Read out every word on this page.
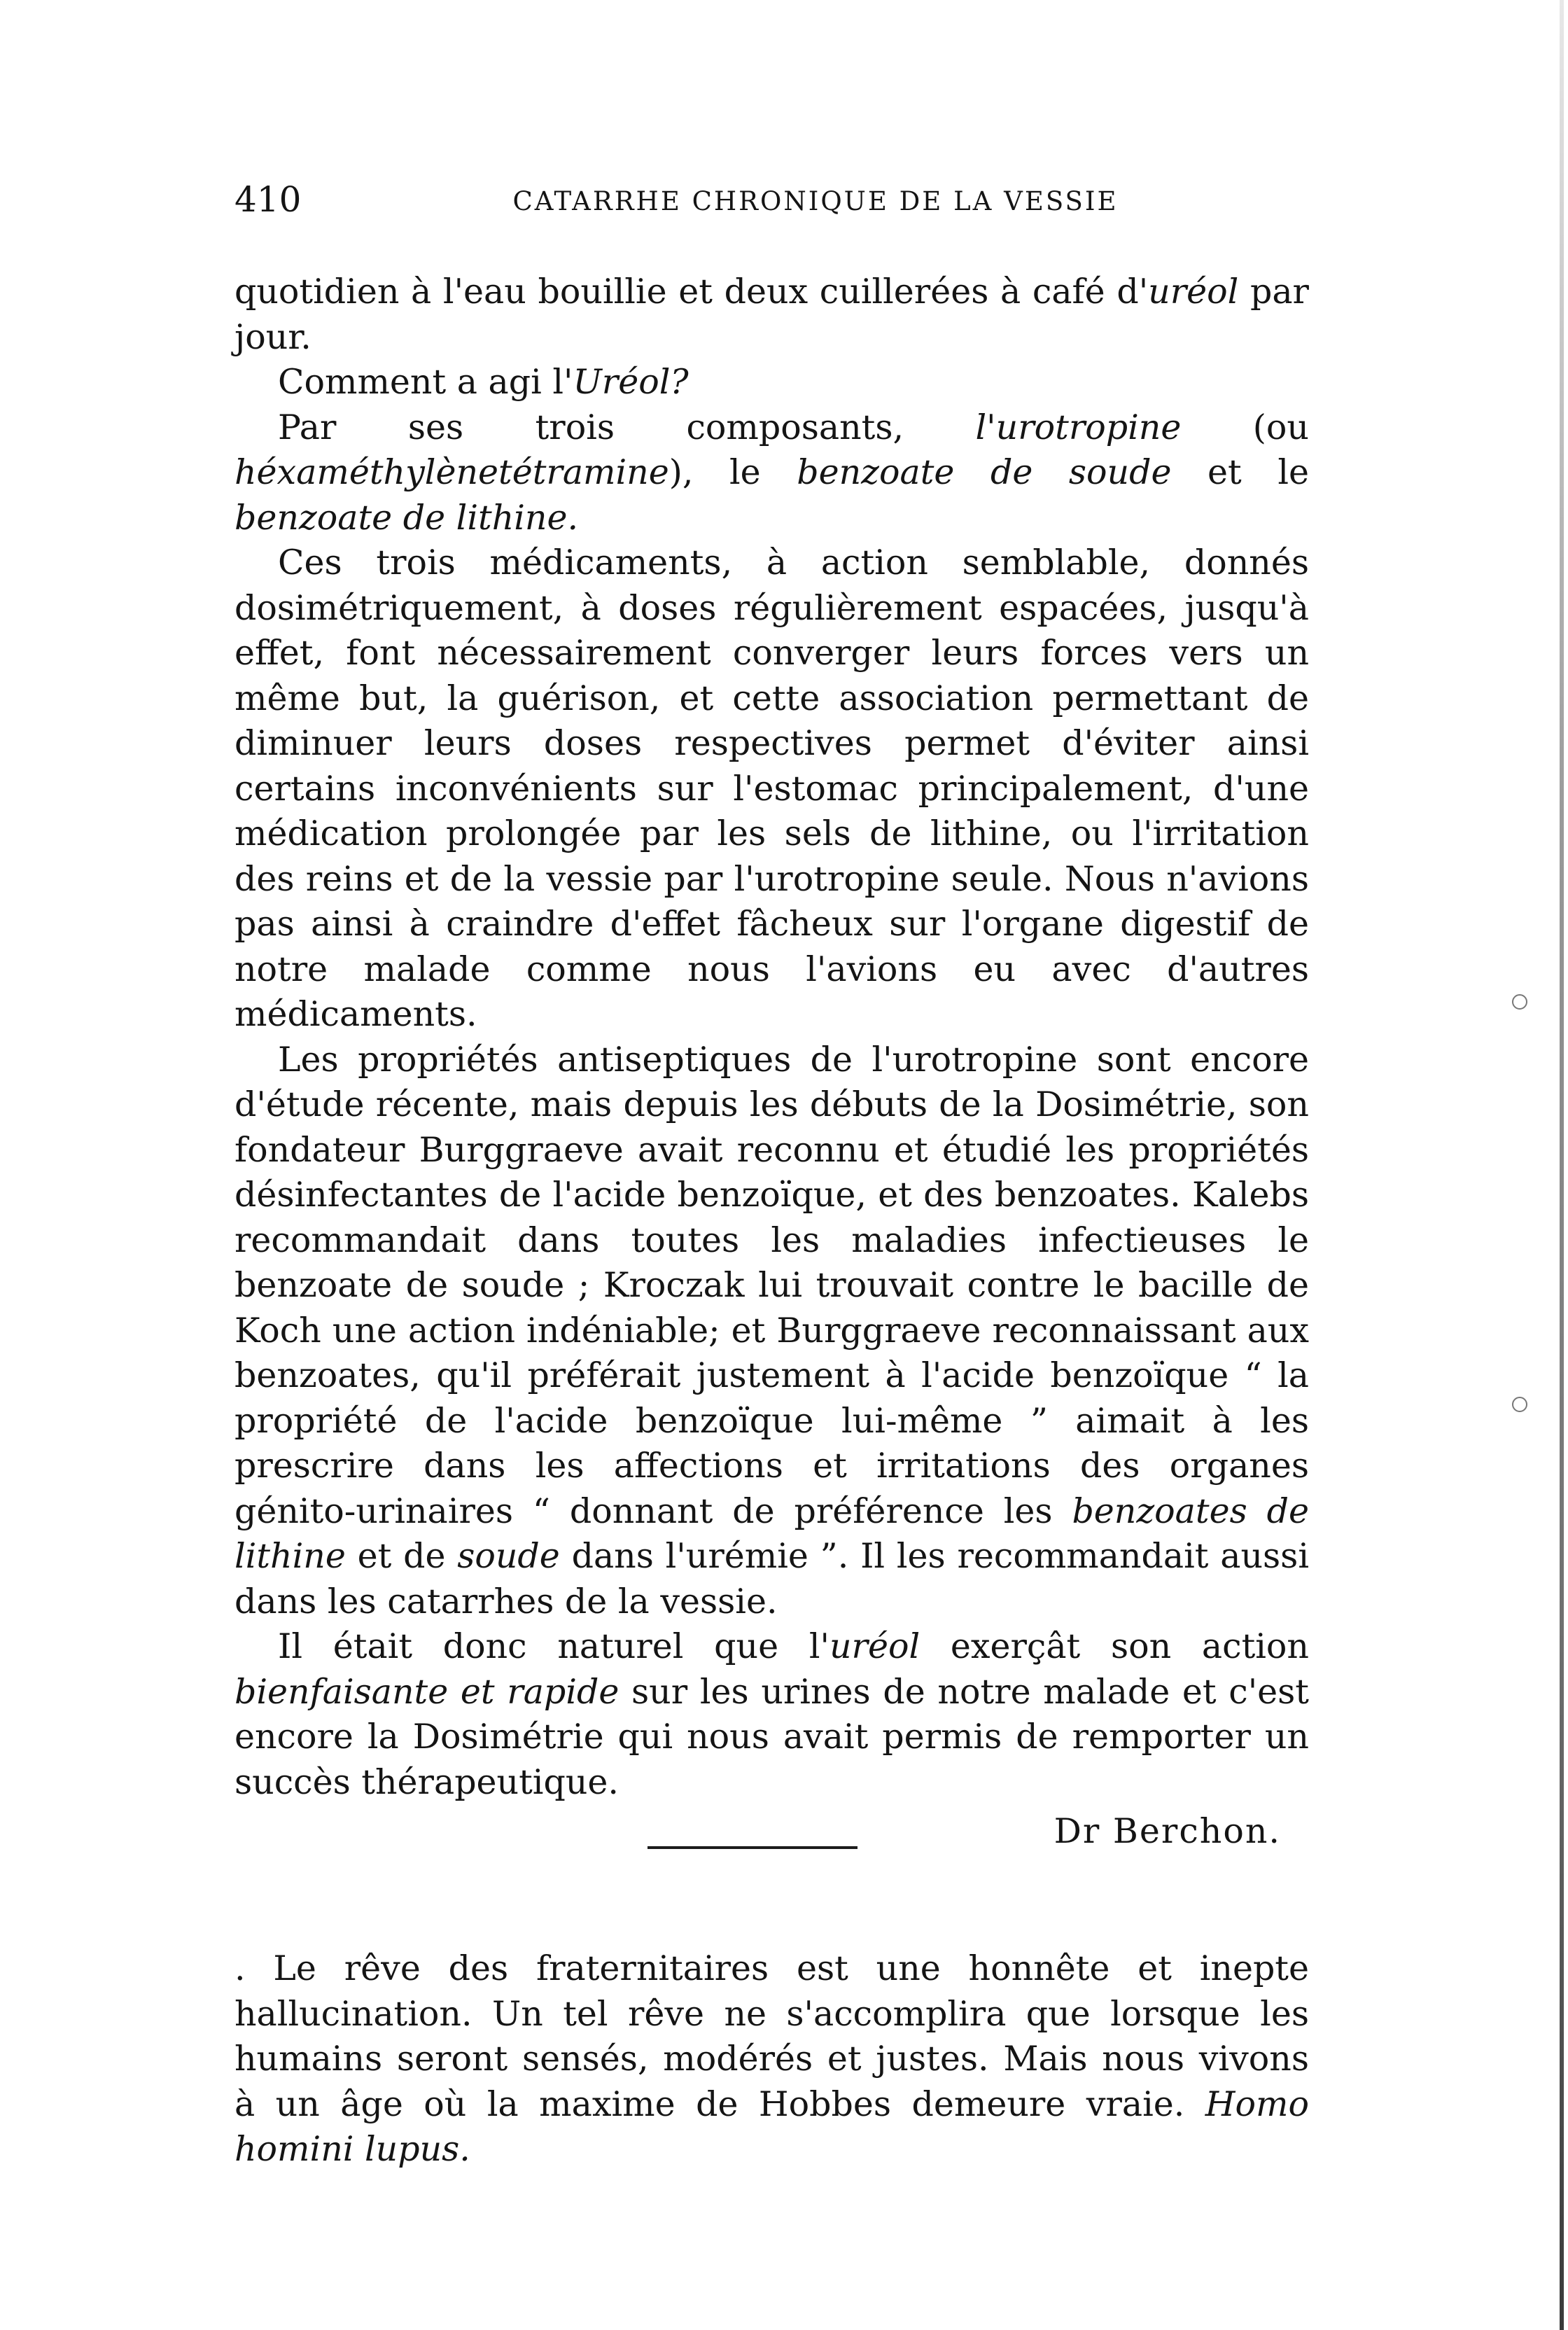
410	CATARRHE CHRONIQUE DE LA VESSIE

quotidien à l'eau bouillie et deux cuillerées à café d'uréol par jour.

Comment a agi l'Uréol?

Par ses trois composants, l'urotropine (ou héxaméthylènetétramine), le benzoate de soude et le benzoate de lithine.

Ces trois médicaments, à action semblable, donnés dosimétriquement, à doses régulièrement espacées, jusqu'à effet, font nécessairement converger leurs forces vers un même but, la guérison, et cette association permettant de diminuer leurs doses respectives permet d'éviter ainsi certains inconvénients sur l'estomac principalement, d'une médication prolongée par les sels de lithine, ou l'irritation des reins et de la vessie par l'urotropine seule. Nous n'avions pas ainsi à craindre d'effet fâcheux sur l'organe digestif de notre malade comme nous l'avions eu avec d'autres médicaments.

Les propriétés antiseptiques de l'urotropine sont encore d'étude récente, mais depuis les débuts de la Dosimétrie, son fondateur Burggraeve avait reconnu et étudié les propriétés désinfectantes de l'acide benzoïque, et des benzoates. Kalebs recommandait dans toutes les maladies infectieuses le benzoate de soude ; Kroczak lui trouvait contre le bacille de Koch une action indéniable; et Burggraeve reconnaissant aux benzoates, qu'il préférait justement à l'acide benzoïque “ la propriété de l'acide benzoïque lui-même ” aimait à les prescrire dans les affections et irritations des organes génito-urinaires “ donnant de préférence les benzoates de lithine et de soude dans l'urémie ”. Il les recommandait aussi dans les catarrhes de la vessie.

Il était donc naturel que l'uréol exerçât son action bienfaisante et rapide sur les urines de notre malade et c'est encore la Dosimétrie qui nous avait permis de remporter un succès thérapeutique.

Dr Berchon.

. Le rêve des fraternitaires est une honnête et inepte hallucination. Un tel rêve ne s'accomplira que lorsque les humains seront sensés, modérés et justes. Mais nous vivons à un âge où la maxime de Hobbes demeure vraie. Homo homini lupus.
